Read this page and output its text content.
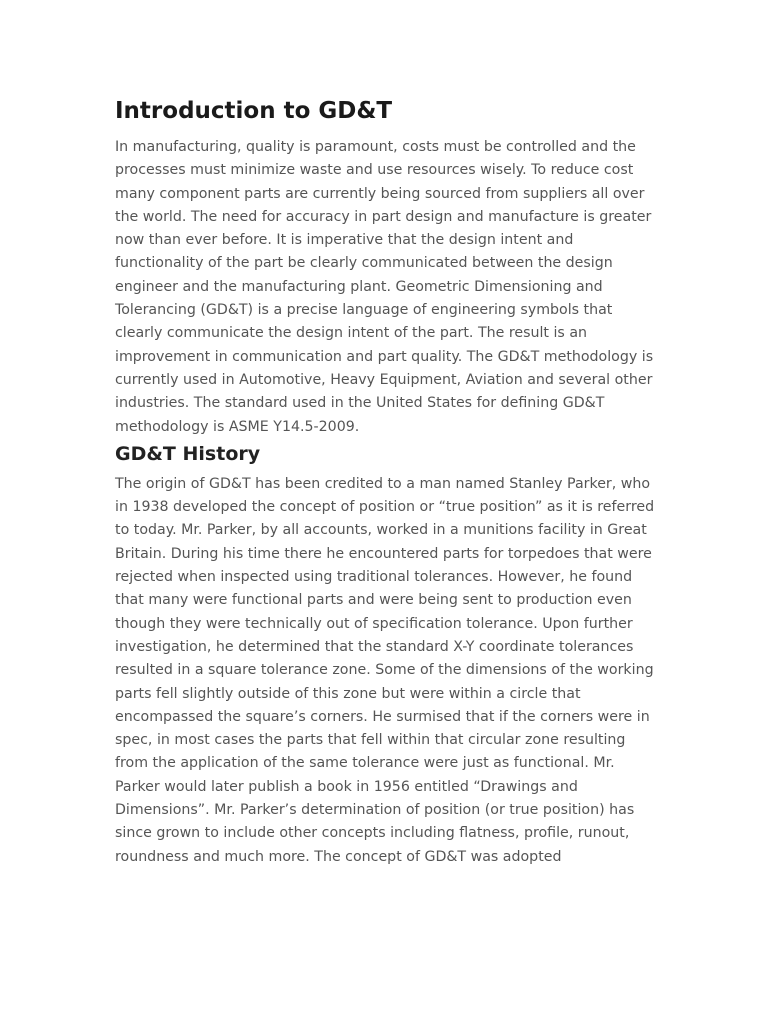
Introduction to GD&T

In manufacturing, quality is paramount, costs must be controlled and the processes must minimize waste and use resources wisely. To reduce cost many component parts are currently being sourced from suppliers all over the world. The need for accuracy in part design and manufacture is greater now than ever before. It is imperative that the design intent and functionality of the part be clearly communicated between the design engineer and the manufacturing plant. Geometric Dimensioning and Tolerancing (GD&T) is a precise language of engineering symbols that clearly communicate the design intent of the part. The result is an improvement in communication and part quality. The GD&T methodology is currently used in Automotive, Heavy Equipment, Aviation and several other industries. The standard used in the United States for defining GD&T methodology is ASME Y14.5-2009.

GD&T History

The origin of GD&T has been credited to a man named Stanley Parker, who in 1938 developed the concept of position or “true position” as it is referred to today. Mr. Parker, by all accounts, worked in a munitions facility in Great Britain. During his time there he encountered parts for torpedoes that were rejected when inspected using traditional tolerances. However, he found that many were functional parts and were being sent to production even though they were technically out of specification tolerance. Upon further investigation, he determined that the standard X-Y coordinate tolerances resulted in a square tolerance zone. Some of the dimensions of the working parts fell slightly outside of this zone but were within a circle that encompassed the square’s corners. He surmised that if the corners were in spec, in most cases the parts that fell within that circular zone resulting from the application of the same tolerance were just as functional. Mr. Parker would later publish a book in 1956 entitled “Drawings and Dimensions”. Mr. Parker’s determination of position (or true position) has since grown to include other concepts including flatness, profile, runout, roundness and much more. The concept of GD&T was adopted
